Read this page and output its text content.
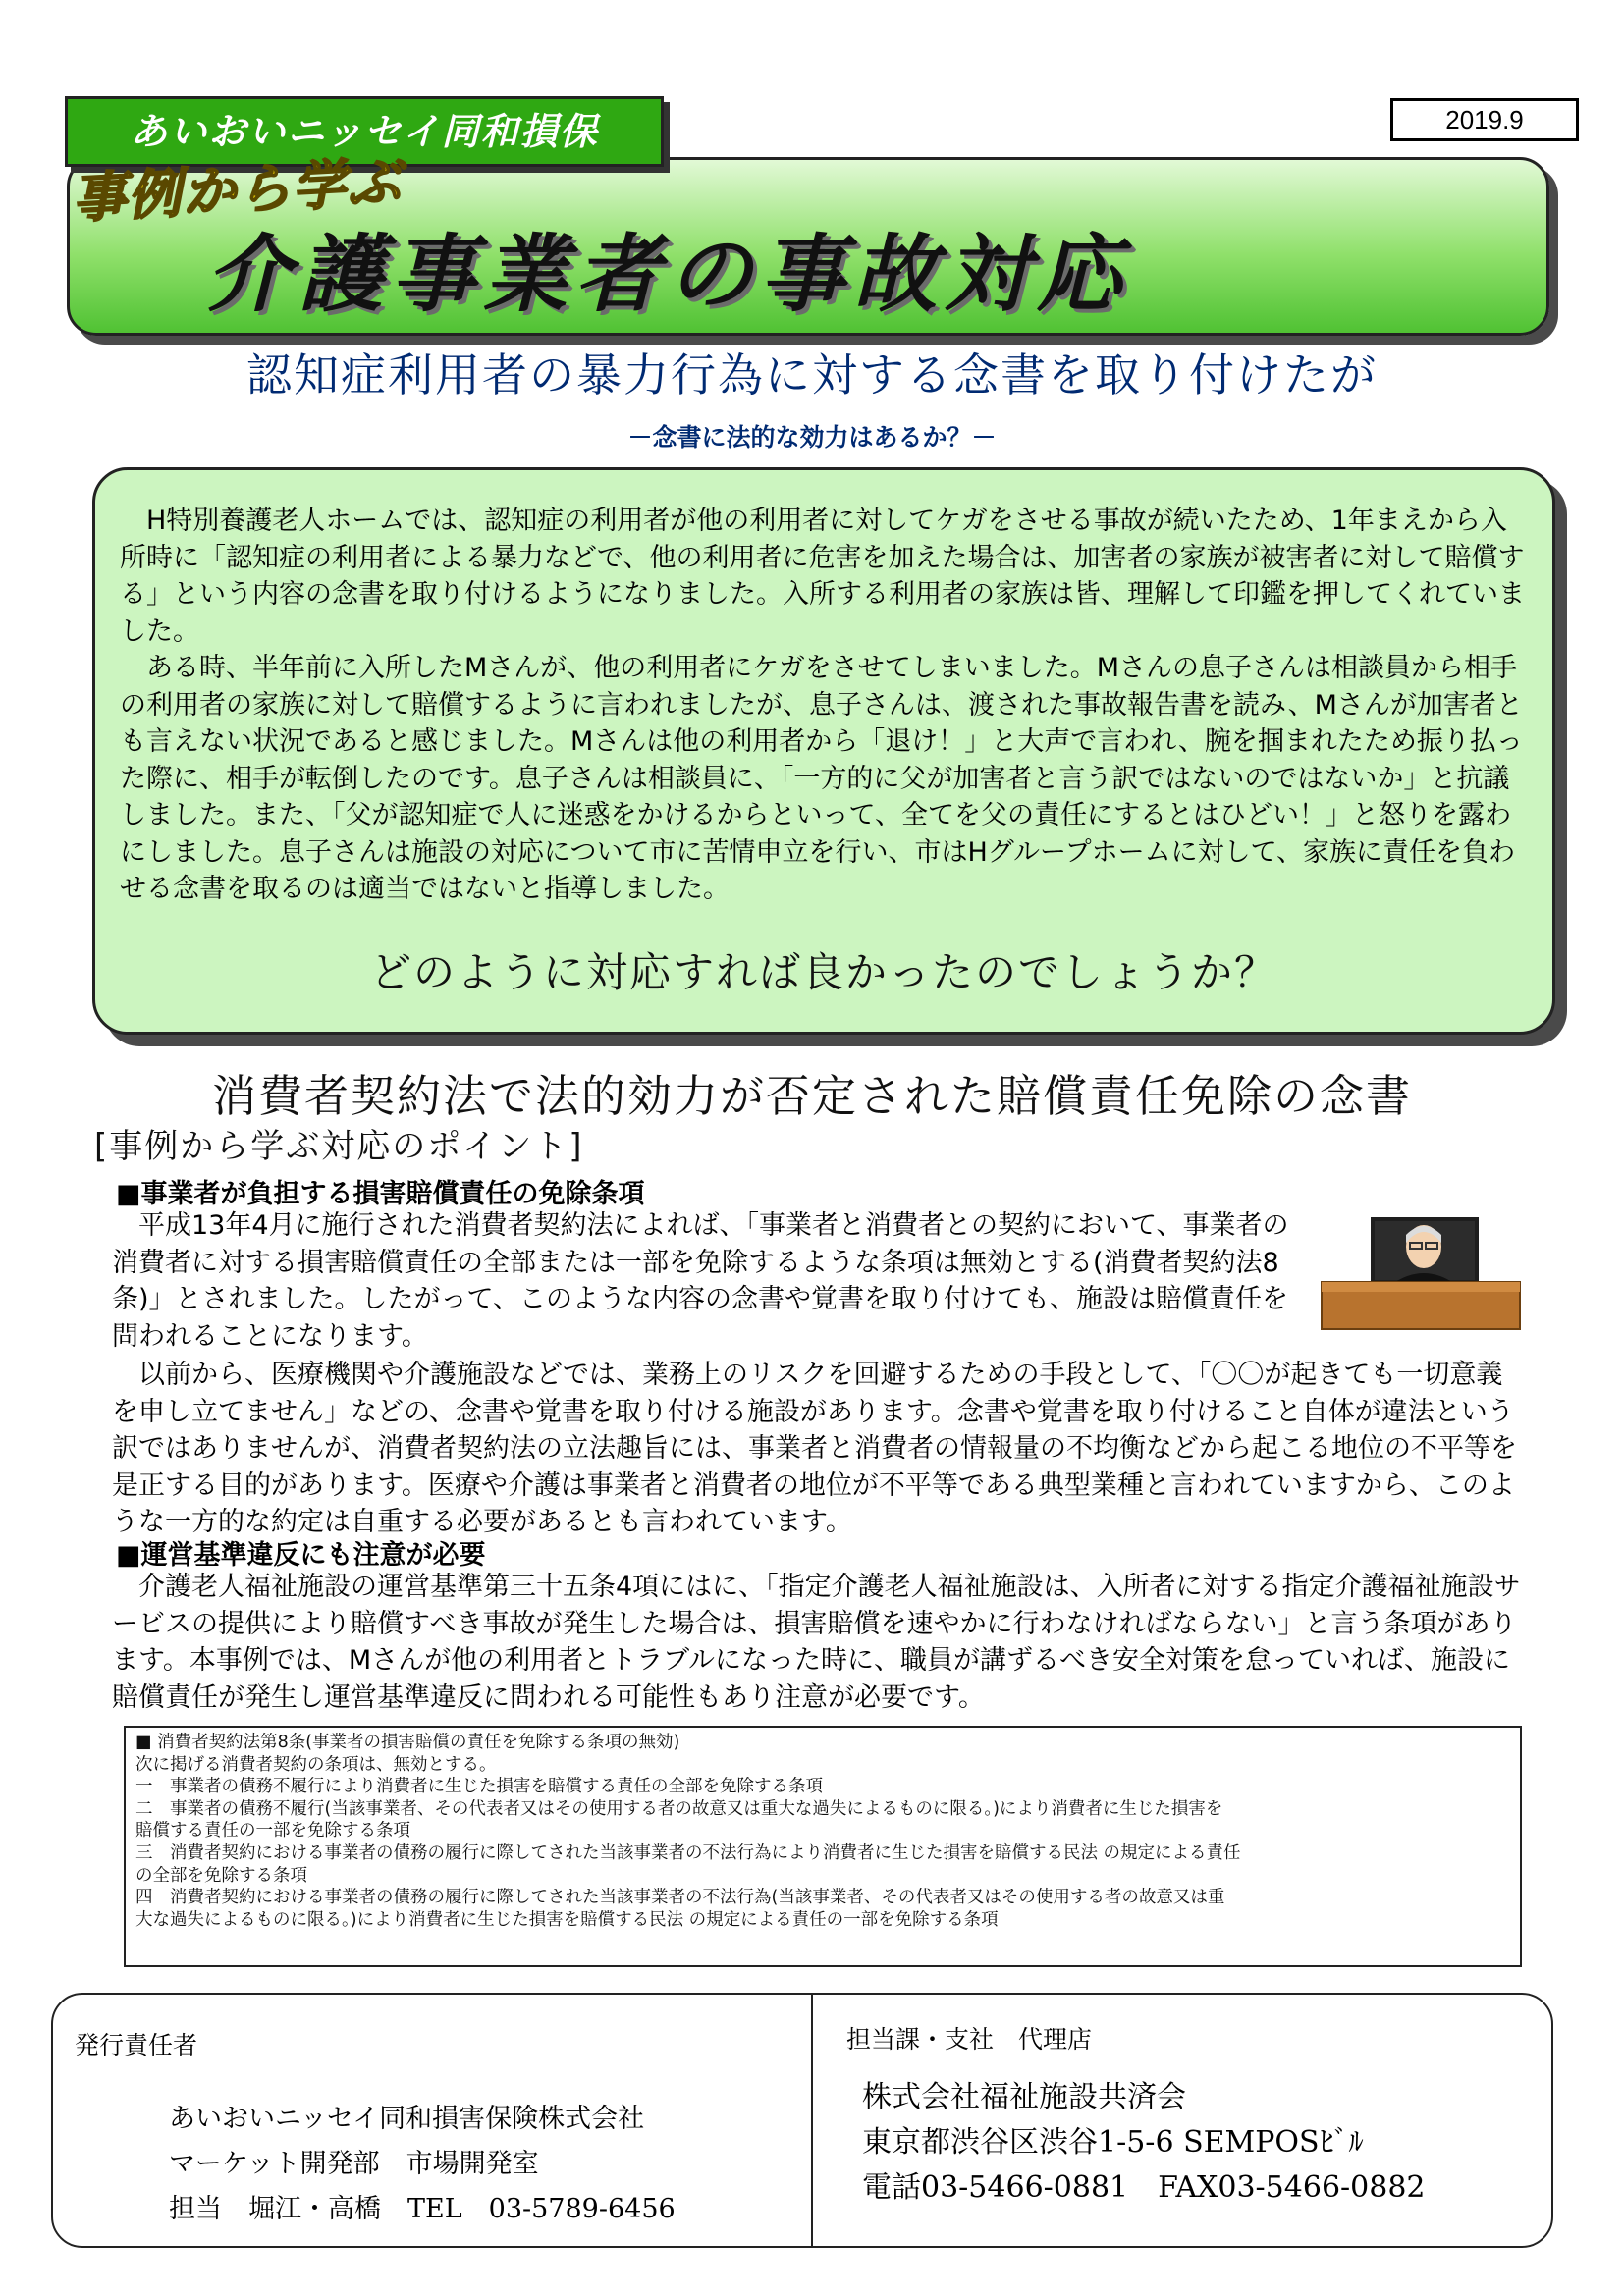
2019.9
あいおいニッセイ同和損保
事例から学ぶ
介護事業者の事故対応
認知症利用者の暴力行為に対する念書を取り付けたが
－念書に法的な効力はあるか？－

H特別養護老人ホームでは、認知症の利用者が他の利用者に対してケガをさせる事故が続いたため、1年まえから入所時に「認知症の利用者による暴力などで、他の利用者に危害を加えた場合は、加害者の家族が被害者に対して賠償する」という内容の念書を取り付けるようになりました。入所する利用者の家族は皆、理解して印鑑を押してくれていました。

ある時、半年前に入所したMさんが、他の利用者にケガをさせてしまいました。Mさんの息子さんは相談員から相手の利用者の家族に対して賠償するように言われましたが、息子さんは、渡された事故報告書を読み、Mさんが加害者とも言えない状況であると感じました。Mさんは他の利用者から「退け！」と大声で言われ、腕を掴まれたため振り払った際に、相手が転倒したのです。息子さんは相談員に、「一方的に父が加害者と言う訳ではないのではないか」と抗議しました。また、「父が認知症で人に迷惑をかけるからといって、全てを父の責任にするとはひどい！」と怒りを露わにしました。息子さんは施設の対応について市に苦情申立を行い、市はHグループホームに対して、家族に責任を負わせる念書を取るのは適当ではないと指導しました。

どのように対応すれば良かったのでしょうか？
消費者契約法で法的効力が否定された賠償責任免除の念書
[事例から学ぶ対応のポイント]
■事業者が負担する損害賠償責任の免除条項

平成13年4月に施行された消費者契約法によれば、「事業者と消費者との契約において、事業者の消費者に対する損害賠償責任の全部または一部を免除するような条項は無効とする(消費者契約法8条)」とされました。したがって、このような内容の念書や覚書を取り付けても、施設は賠償責任を問われることになります。

以前から、医療機関や介護施設などでは、業務上のリスクを回避するための手段として、「〇〇が起きても一切意義を申し立てません」などの、念書や覚書を取り付ける施設があります。念書や覚書を取り付けること自体が違法という訳ではありませんが、消費者契約法の立法趣旨には、事業者と消費者の情報量の不均衡などから起こる地位の不平等を是正する目的があります。医療や介護は事業者と消費者の地位が不平等である典型業種と言われていますから、このような一方的な約定は自重する必要があるとも言われています。

■運営基準違反にも注意が必要

介護老人福祉施設の運営基準第三十五条4項にはに、「指定介護老人福祉施設は、入所者に対する指定介護福祉施設サービスの提供により賠償すべき事故が発生した場合は、損害賠償を速やかに行わなければならない」と言う条項があります。本事例では、Mさんが他の利用者とトラブルになった時に、職員が講ずるべき安全対策を怠っていれば、施設に賠償責任が発生し運営基準違反に問われる可能性もあり注意が必要です。

■ 消費者契約法第8条(事業者の損害賠償の責任を免除する条項の無効)
次に掲げる消費者契約の条項は、無効とする。
一　事業者の債務不履行により消費者に生じた損害を賠償する責任の全部を免除する条項
二　事業者の債務不履行(当該事業者、その代表者又はその使用する者の故意又は重大な過失によるものに限る。)により消費者に生じた損害を
賠償する責任の一部を免除する条項
三　消費者契約における事業者の債務の履行に際してされた当該事業者の不法行為により消費者に生じた損害を賠償する民法 の規定による責任
の全部を免除する条項
四　消費者契約における事業者の債務の履行に際してされた当該事業者の不法行為(当該事業者、その代表者又はその使用する者の故意又は重
大な過失によるものに限る。)により消費者に生じた損害を賠償する民法 の規定による責任の一部を免除する条項
発行責任者
あいおいニッセイ同和損害保険株式会社
マーケット開発部　市場開発室
担当　堀江・高橋　TEL　03-5789-6456
担当課・支社　代理店
株式会社福祉施設共済会
東京都渋谷区渋谷1-5-6 SEMPOSﾋﾞﾙ
電話03-5466-0881　FAX03-5466-0882
